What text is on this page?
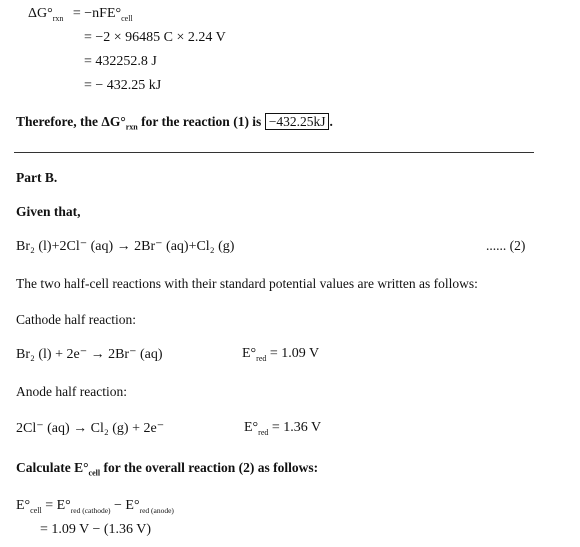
$\Delta G^\circ_{rxn} = -nFE^\circ_{cell}$
= −2 × 96485 C × 2.24 V
= 432252.8 J
= − 432.25 kJ
Therefore, the $\Delta G^\circ_{rxn}$ for the reaction (1) is −432.25kJ .
Part B.
Given that,
Br₂ (l)+2Cl⁻ (aq) → 2Br⁻ (aq)+Cl₂ (g)	...... (2)
The two half-cell reactions with their standard potential values are written as follows:
Cathode half reaction:
Br₂ (l) + 2e⁻ → 2Br⁻ (aq)	$E^\circ_{red} = 1.09$ V
Anode half reaction:
2Cl⁻ (aq) → Cl₂ (g) + 2e⁻	$E^\circ_{red} = 1.36$ V
Calculate $E^\circ_{cell}$ for the overall reaction (2) as follows:
$E^\circ_{cell} = E^\circ_{red (cathode)} - E^\circ_{red (anode)}$
= 1.09 V − (1.36 V)
